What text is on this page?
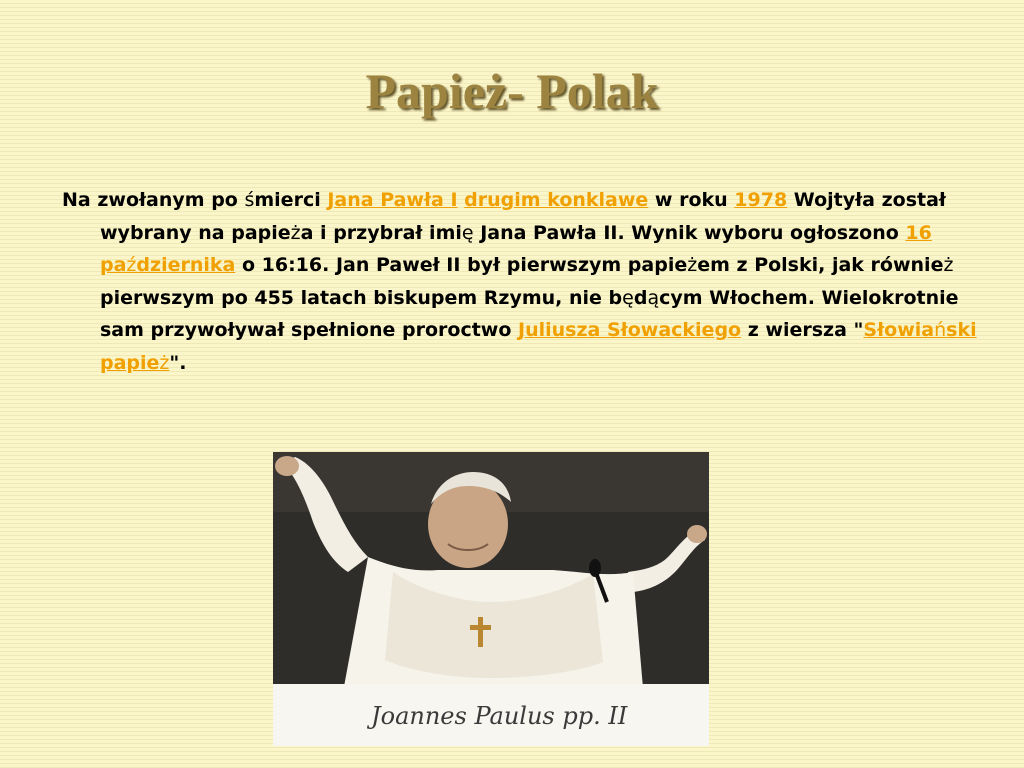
Papież- Polak
Na zwołanym po śmierci Jana Pawła I drugim konklawe w roku 1978 Wojtyła został wybrany na papieża i przybrał imię Jana Pawła II. Wynik wyboru ogłoszono 16 października o 16:16. Jan Paweł II był pierwszym papieżem z Polski, jak również pierwszym po 455 latach biskupem Rzymu, nie będącym Włochem. Wielokrotnie sam przywoływał spełnione proroctwo Juliusza Słowackiego z wiersza "Słowiański papież".
Joannes Paulus pp. II
